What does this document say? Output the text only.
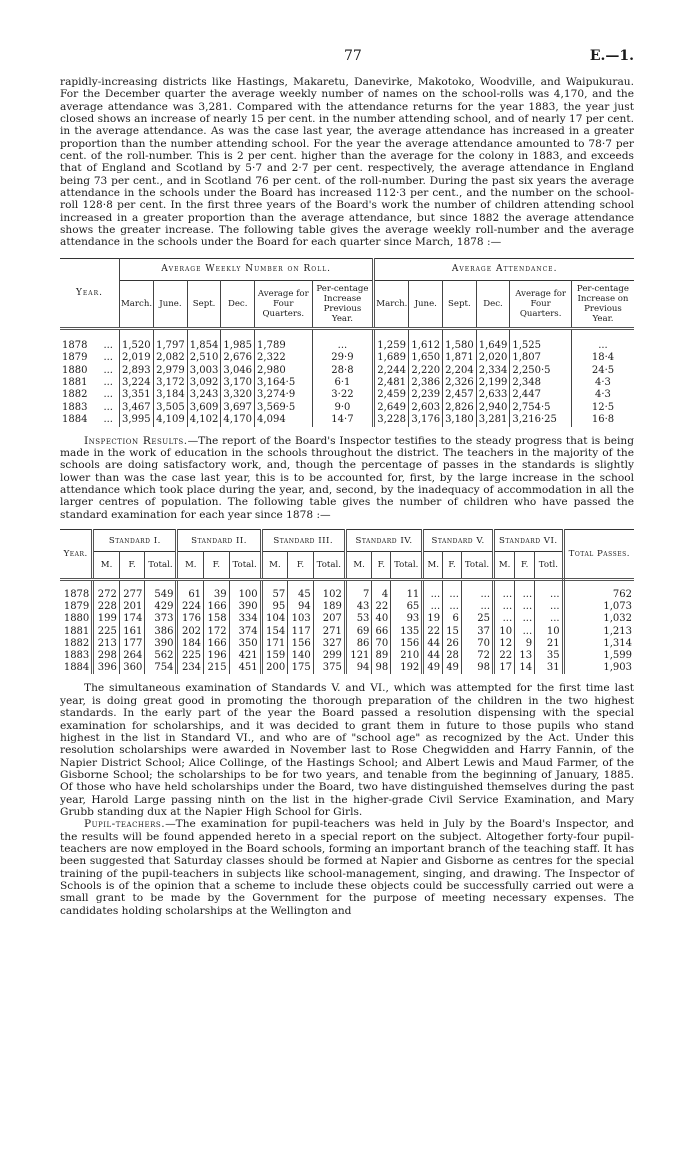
77	E.—1.

rapidly-increasing districts like Hastings, Makaretu, Danevirke, Makotoko, Woodville, and Waipukurau. For the December quarter the average weekly number of names on the school-rolls was 4,170, and the average attendance was 3,281. Compared with the attendance returns for the year 1883, the year just closed shows an increase of nearly 15 per cent. in the number attending school, and of nearly 17 per cent. in the average attendance. As was the case last year, the average attendance has increased in a greater proportion than the number attending school. For the year the average attendance amounted to 78·7 per cent. of the roll-number. This is 2 per cent. higher than the average for the colony in 1883, and exceeds that of England and Scotland by 5·7 and 2·7 per cent. respectively, the average attendance in England being 73 per cent., and in Scotland 76 per cent. of the roll-number. During the past six years the average attendance in the schools under the Board has increased 112·3 per cent., and the number on the school-roll 128·8 per cent. In the first three years of the Board's work the number of children attending school increased in a greater proportion than the average attendance, but since 1882 the average attendance shows the greater increase. The following table gives the average weekly roll-number and the average attendance in the schools under the Board for each quarter since March, 1878 :—

Year.	Average Weekly Number on Roll.						Average Attendance.					
	March.	June.	Sept.	Dec.	Average for Four Quarters.	Per-centage Increase Previous Year.	March.	June.	Sept.	Dec.	Average for Four Quarters.	Per-centage Increase on Previous Year.
1878 ...	1,520	1,797	1,854	1,985	1,789	...	1,259	1,612	1,580	1,649	1,525	...
1879 ...	2,019	2,082	2,510	2,676	2,322	29·9	1,689	1,650	1,871	2,020	1,807	18·4
1880 ...	2,893	2,979	3,003	3,046	2,980	28·8	2,244	2,220	2,204	2,334	2,250·5	24·5
1881 ...	3,224	3,172	3,092	3,170	3,164·5	6·1	2,481	2,386	2,326	2,199	2,348	4·3
1882 ...	3,351	3,184	3,243	3,320	3,274·9	3·22	2,459	2,239	2,457	2,633	2,447	4·3
1883 ...	3,467	3,505	3,609	3,697	3,569·5	9·0	2,649	2,603	2,826	2,940	2,754·5	12·5
1884 ...	3,995	4,109	4,102	4,170	4,094	14·7	3,228	3,176	3,180	3,281	3,216·25	16·8

Inspection Results.—The report of the Board's Inspector testifies to the steady progress that is being made in the work of education in the schools throughout the district. The teachers in the majority of the schools are doing satisfactory work, and, though the percentage of passes in the standards is slightly lower than was the case last year, this is to be accounted for, first, by the large increase in the school attendance which took place during the year, and, second, by the inadequacy of accommodation in all the larger centres of population. The following table gives the number of children who have passed the standard examination for each year since 1878 :—

Year.	Standard I.			Standard II.			Standard III.			Standard IV.			Standard V.			Standard VI.			Total Passes.
	M.	F.	Total.	M.	F.	Total.	M.	F.	Total.	M.	F.	Total.	M.	F.	Total.	M.	F.	Totl.	
1878	272	277	549	61	39	100	57	45	102	7	4	11	...	...	...	...	...	...	762
1879	228	201	429	224	166	390	95	94	189	43	22	65	...	...	...	...	...	...	1,073
1880	199	174	373	176	158	334	104	103	207	53	40	93	19	6	25	...	...	...	1,032
1881	225	161	386	202	172	374	154	117	271	69	66	135	22	15	37	10	...	10	1,213
1882	213	177	390	184	166	350	171	156	327	86	70	156	44	26	70	12	9	21	1,314
1883	298	264	562	225	196	421	159	140	299	121	89	210	44	28	72	22	13	35	1,599
1884	396	360	754	234	215	451	200	175	375	94	98	192	49	49	98	17	14	31	1,903

The simultaneous examination of Standards V. and VI., which was attempted for the first time last year, is doing great good in promoting the thorough preparation of the children in the two highest standards. In the early part of the year the Board passed a resolution dispensing with the special examination for scholarships, and it was decided to grant them in future to those pupils who stand highest in the list in Standard VI., and who are of "school age" as recognized by the Act. Under this resolution scholarships were awarded in November last to Rose Chegwidden and Harry Fannin, of the Napier District School; Alice Collinge, of the Hastings School; and Albert Lewis and Maud Farmer, of the Gisborne School; the scholarships to be for two years, and tenable from the beginning of January, 1885. Of those who have held scholarships under the Board, two have distinguished themselves during the past year, Harold Large passing ninth on the list in the higher-grade Civil Service Examination, and Mary Grubb standing dux at the Napier High School for Girls.

Pupil-teachers.—The examination for pupil-teachers was held in July by the Board's Inspector, and the results will be found appended hereto in a special report on the subject. Altogether forty-four pupil-teachers are now employed in the Board schools, forming an important branch of the teaching staff. It has been suggested that Saturday classes should be formed at Napier and Gisborne as centres for the special training of the pupil-teachers in subjects like school-management, singing, and drawing. The Inspector of Schools is of the opinion that a scheme to include these objects could be successfully carried out were a small grant to be made by the Government for the purpose of meeting necessary expenses. The candidates holding scholarships at the Wellington and
